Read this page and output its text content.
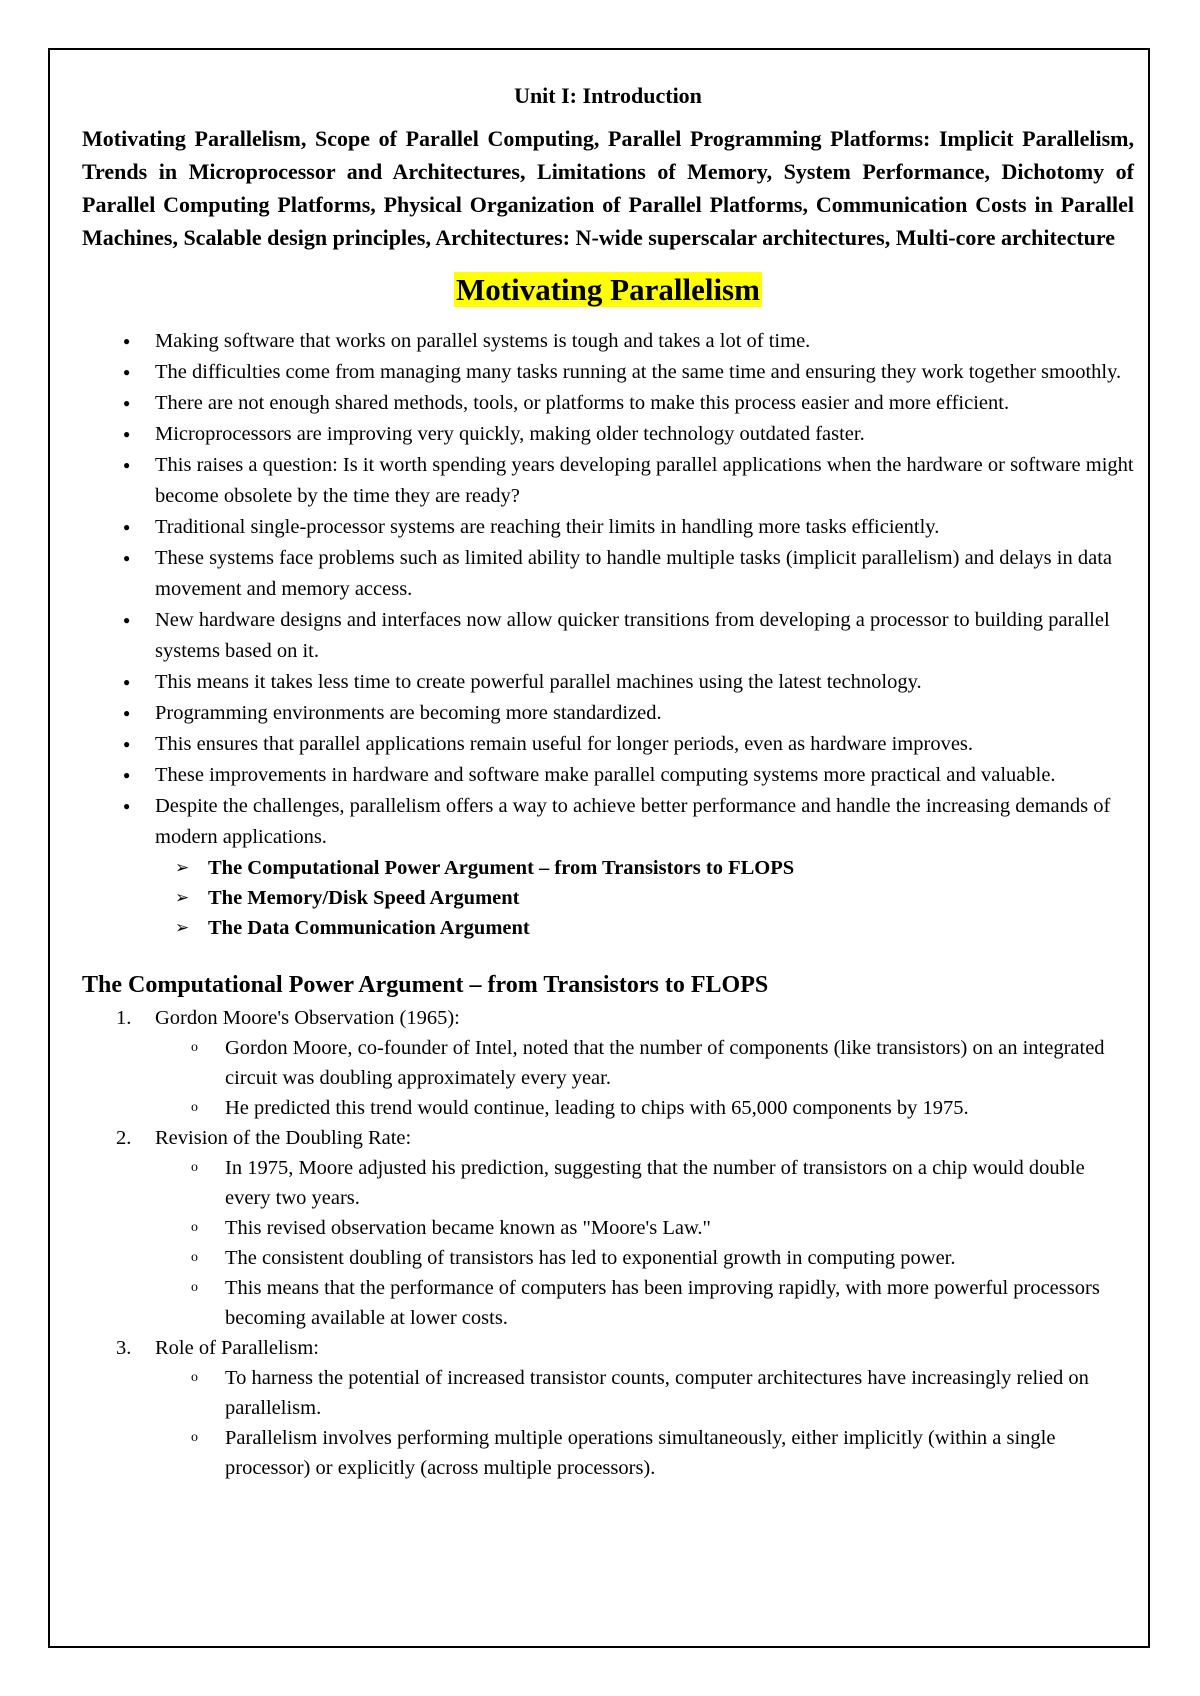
Unit I: Introduction
Motivating Parallelism, Scope of Parallel Computing, Parallel Programming Platforms: Implicit Parallelism, Trends in Microprocessor and Architectures, Limitations of Memory, System Performance, Dichotomy of Parallel Computing Platforms, Physical Organization of Parallel Platforms, Communication Costs in Parallel Machines, Scalable design principles, Architectures: N-wide superscalar architectures, Multi-core architecture
Motivating Parallelism
● Making software that works on parallel systems is tough and takes a lot of time.
● The difficulties come from managing many tasks running at the same time and ensuring they work together smoothly.
● There are not enough shared methods, tools, or platforms to make this process easier and more efficient.
● Microprocessors are improving very quickly, making older technology outdated faster.
● This raises a question: Is it worth spending years developing parallel applications when the hardware or software might become obsolete by the time they are ready?
● Traditional single-processor systems are reaching their limits in handling more tasks efficiently.
● These systems face problems such as limited ability to handle multiple tasks (implicit parallelism) and delays in data movement and memory access.
● New hardware designs and interfaces now allow quicker transitions from developing a processor to building parallel systems based on it.
● This means it takes less time to create powerful parallel machines using the latest technology.
● Programming environments are becoming more standardized.
● This ensures that parallel applications remain useful for longer periods, even as hardware improves.
● These improvements in hardware and software make parallel computing systems more practical and valuable.
● Despite the challenges, parallelism offers a way to achieve better performance and handle the increasing demands of modern applications.
➢ The Computational Power Argument – from Transistors to FLOPS
➢ The Memory/Disk Speed Argument
➢ The Data Communication Argument
The Computational Power Argument – from Transistors to FLOPS
1. Gordon Moore's Observation (1965):
o Gordon Moore, co-founder of Intel, noted that the number of components (like transistors) on an integrated circuit was doubling approximately every year.
o He predicted this trend would continue, leading to chips with 65,000 components by 1975.
2. Revision of the Doubling Rate:
o In 1975, Moore adjusted his prediction, suggesting that the number of transistors on a chip would double every two years.
o This revised observation became known as "Moore's Law."
o The consistent doubling of transistors has led to exponential growth in computing power.
o This means that the performance of computers has been improving rapidly, with more powerful processors becoming available at lower costs.
3. Role of Parallelism:
o To harness the potential of increased transistor counts, computer architectures have increasingly relied on parallelism.
o Parallelism involves performing multiple operations simultaneously, either implicitly (within a single processor) or explicitly (across multiple processors).
